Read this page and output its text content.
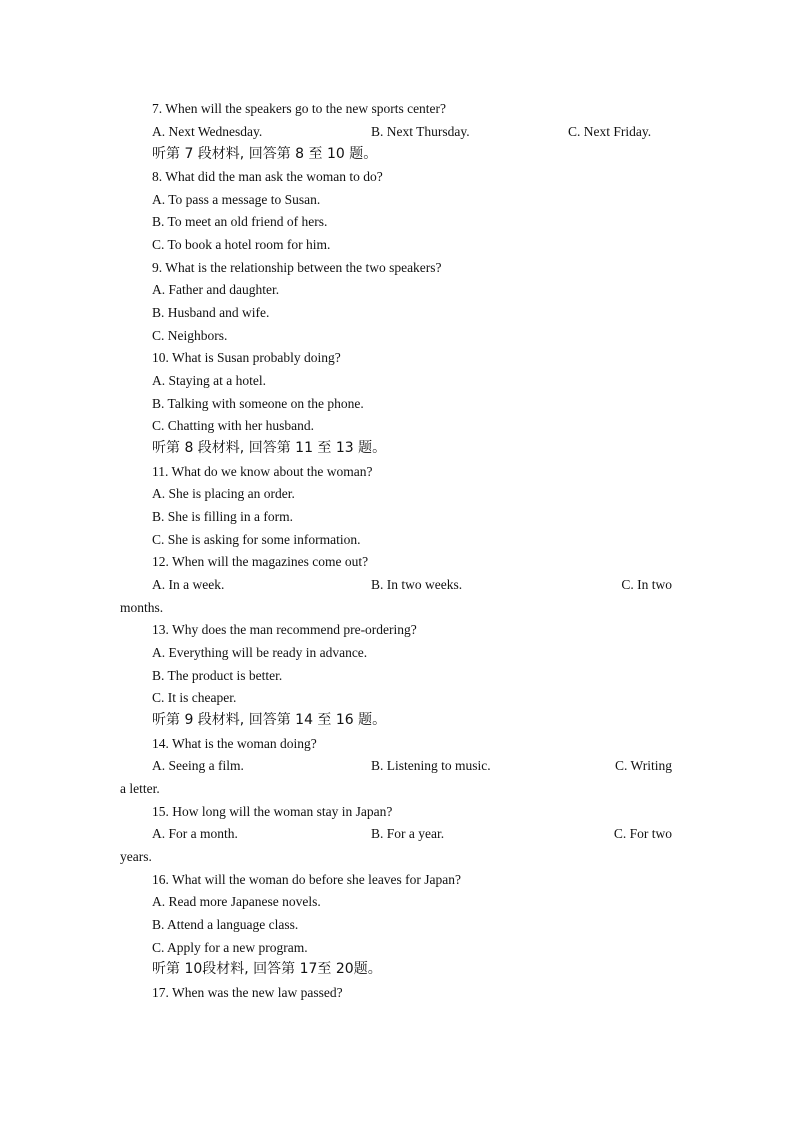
7. When will the speakers go to the new sports center?
A. Next Wednesday.	B. Next Thursday.	C. Next Friday.
听第 7 段材料, 回答第 8 至 10 题。
8. What did the man ask the woman to do?
A. To pass a message to Susan.
B. To meet an old friend of hers.
C. To book a hotel room for him.
9. What is the relationship between the two speakers?
A. Father and daughter.
B. Husband and wife.
C. Neighbors.
10. What is Susan probably doing?
A. Staying at a hotel.
B. Talking with someone on the phone.
C. Chatting with her husband.
听第 8 段材料, 回答第 11 至 13 题。
11. What do we know about the woman?
A. She is placing an order.
B. She is filling in a form.
C. She is asking for some information.
12. When will the magazines come out?
A. In a week.	B. In two weeks.	C. In two
months.
13. Why does the man recommend pre-ordering?
A. Everything will be ready in advance.
B. The product is better.
C. It is cheaper.
听第 9 段材料, 回答第 14 至 16 题。
14. What is the woman doing?
A. Seeing a film.	B. Listening to music.	C. Writing
a letter.
15. How long will the woman stay in Japan?
A. For a month.	B. For a year.	C. For two
years.
16. What will the woman do before she leaves for Japan?
A. Read more Japanese novels.
B. Attend a language class.
C. Apply for a new program.
听第 10段材料, 回答第 17至 20题。
17. When was the new law passed?
